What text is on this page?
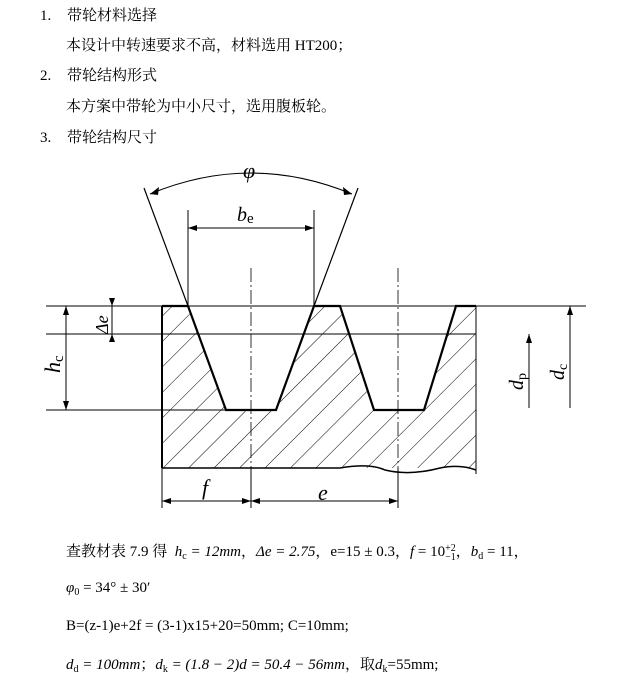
1. 带轮材料选择
本设计中转速要求不高，材料选用 HT200；
2. 带轮结构形式
本方案中带轮为中小尺寸，选用腹板轮。
3. 带轮结构尺寸
φ
be
Δe
hc
dp dc
f	e
查教材表 7.9 得 $h_c = 12mm$，Δe = 2.75，e=15 ± 0.3，f = 10 +2
−1 ，$b_d = 11$，
$\varphi_0 = 34^\circ \pm 30'$
B=(z-1)e+2f = (3-1)x15+20=50mm; C=10mm;
$d_d = 100mm$；$d_k = (1.8 - 2)d = 50.4 - 56mm$，取$d_k=55mm$;
